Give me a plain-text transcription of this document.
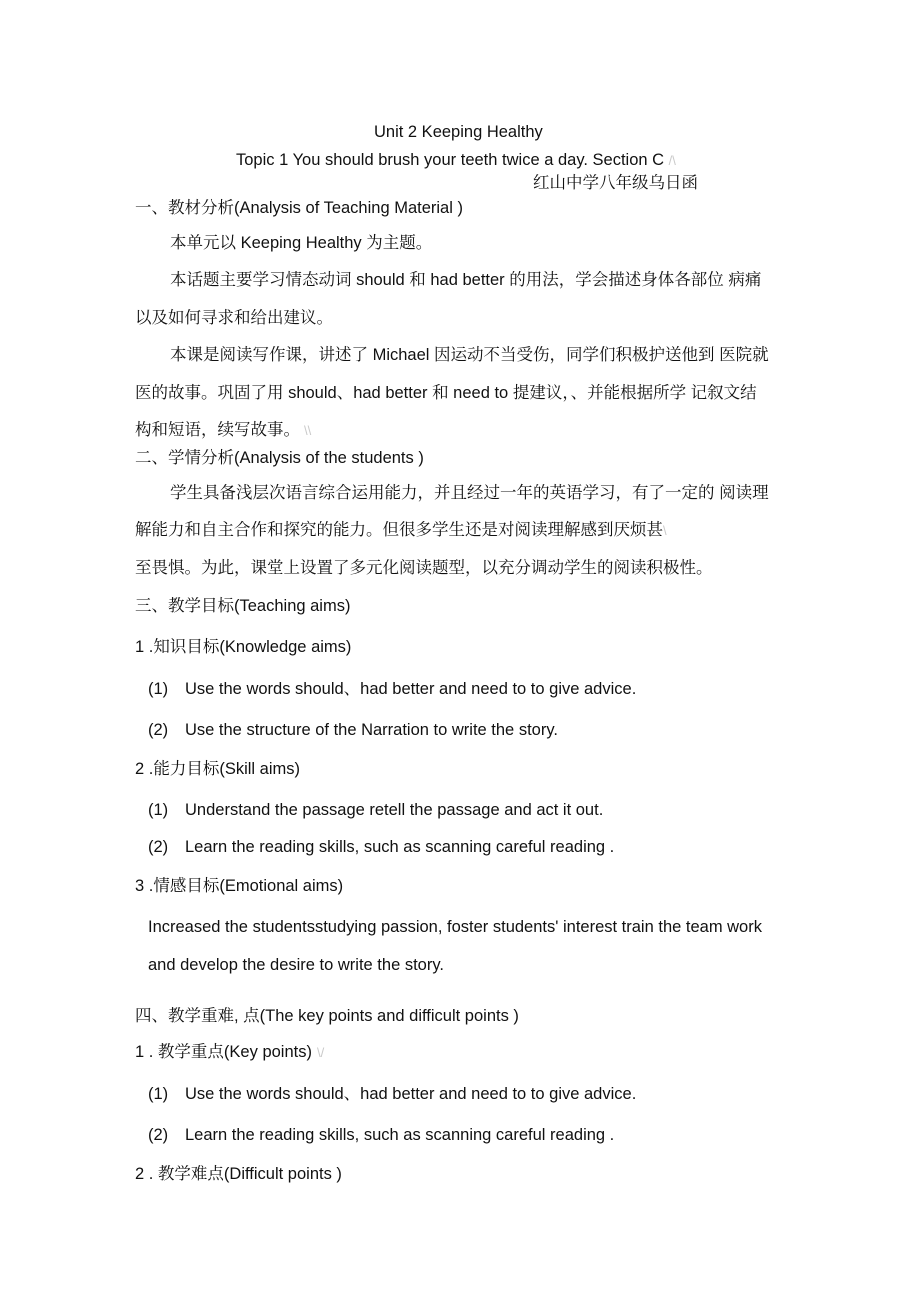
Unit 2 Keeping Healthy
Topic 1 You should brush your teeth twice a day. Section C /\
红山中学八年级乌日函
一、教材分析(Analysis of Teaching Material )
本单元以 Keeping Healthy 为主题。
本话题主要学习情态动词 should 和 had better 的用法，学会描述身体各部位 病痛
以及如何寻求和给出建议。
本课是阅读写作课，讲述了 Michael 因运动不当受伤，同学们积极护送他到 医院就
医的故事。巩固了用 should、had better 和 need to 提建议，、并能根据所学 记叙文结
构和短语，续写故事。 \\
二、学情分析(Analysis of the students )
学生具备浅层次语言综合运用能力，并且经过一年的英语学习，有了一定的 阅读理
解能力和自主合作和探究的能力。但很多学生还是对阅读理解感到厌烦甚\
至畏惧。为此，课堂上设置了多元化阅读题型，以充分调动学生的阅读积极性。
三、教学目标(Teaching aims)
1 .知识目标(Knowledge aims)
(1) Use the words should、had better and need to to give advice.
(2) Use the structure of the Narration to write the story.
2 .能力目标(Skill aims)
(1) Understand the passage retell the passage and act it out.
(2) Learn the reading skills, such as scanning careful reading .
3 .情感目标(Emotional aims)
Increased the studentsstudying passion, foster students' interest train the team work
and develop the desire to write the story.
四、教学重难, 点(The key points and difficult points )
1 . 教学重点(Key points) \/
(1) Use the words should、had better and need to to give advice.
(2) Learn the reading skills, such as scanning careful reading .
2 . 教学难点(Difficult points )
